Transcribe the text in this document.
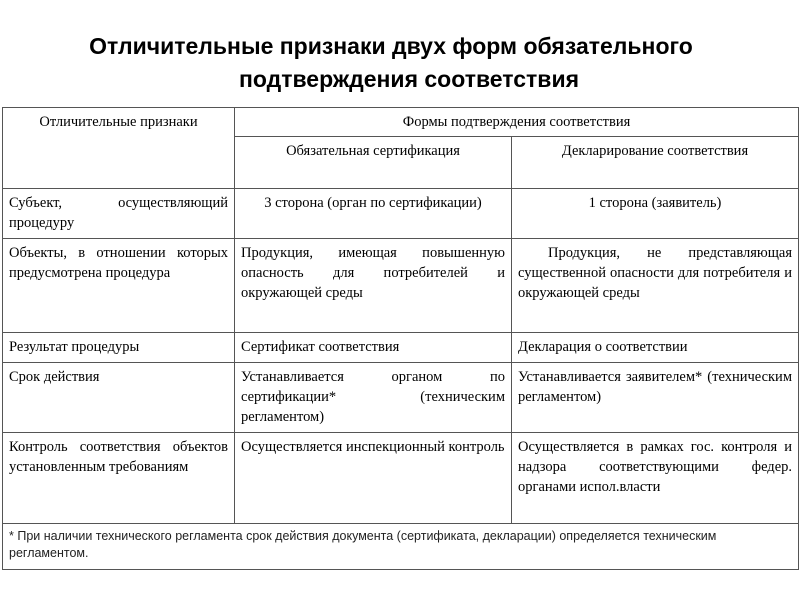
Отличительные признаки двух форм обязательного
подтверждения соответствия
Отличительные признаки	Формы подтверждения соответствия	
	Обязательная сертификация	Декларирование соответствия
Субъект, осуществляющий процедуру	3 сторона (орган по сертификации)	1 сторона (заявитель)
Объекты, в отношении которых предусмотрена процедура	Продукция, имеющая повышенную опасность для потребителей и окружающей среды	Продукция, не представляющая существенной опасности для потребителя и окружающей среды
Результат процедуры	Сертификат соответствия	Декларация о соответствии
Срок действия	Устанавливается органом по сертификации* (техническим регламентом)	Устанавливается заявителем* (техническим регламентом)
Контроль соответствия объектов установленным требованиям	Осуществляется инспекционный контроль	Осуществляется в рамках гос. контроля и надзора соответствующими федер. органами испол.власти
* При наличии технического регламента срок действия документа (сертификата, декларации) определяется техническим регламентом.		
